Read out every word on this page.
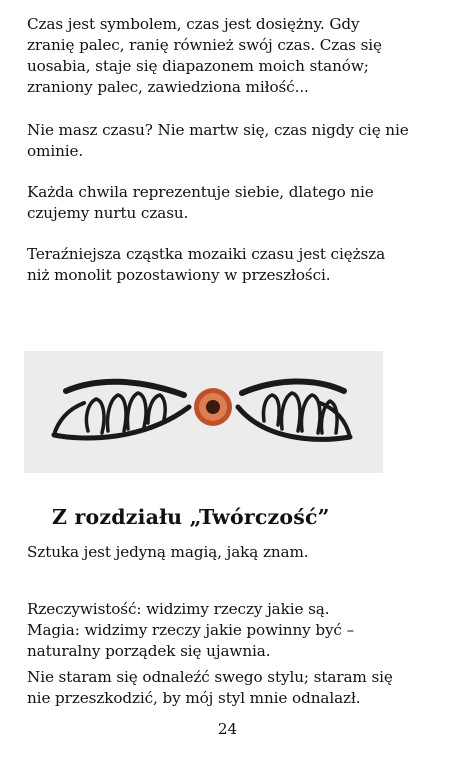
Czas jest symbolem, czas jest dosiężny. Gdy
zranię palec, ranię również swój czas. Czas się
uosabia, staje się diapazonem moich stanów;
zraniony palec, zawiedziona miłość...

Nie masz czasu? Nie martw się, czas nigdy cię nie
ominie.

Każda chwila reprezentuje siebie, dlatego nie
czujemy nurtu czasu.

Teraźniejsza cząstka mozaiki czasu jest cięższa
niż monolit pozostawiony w przeszłości.

Z rozdziału „Twórczość”

Sztuka jest jedyną magią, jaką znam.

Rzeczywistość: widzimy rzeczy jakie są.
Magia: widzimy rzeczy jakie powinny być –
naturalny porządek się ujawnia.

Nie staram się odnaleźć swego stylu; staram się
nie przeszkodzić, by mój styl mnie odnalazł.

24
